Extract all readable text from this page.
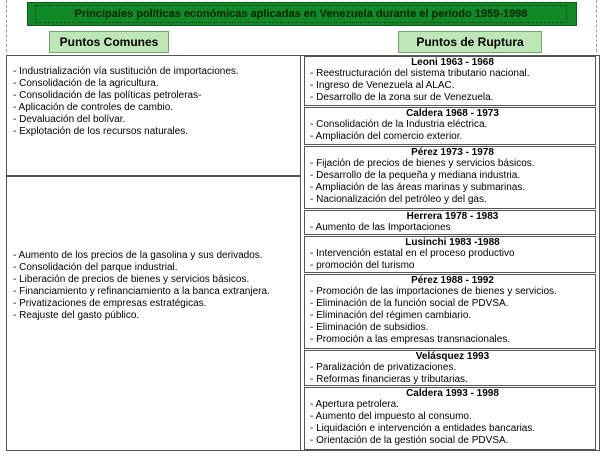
Principales políticas económicas aplicadas en Venezuela durante el período 1959-1998
Puntos Comunes	Puntos de Ruptura
- Industrialización vía sustitución de importaciones.
- Consolidación de la agricultura.
- Consolidación de las políticas petroleras-
- Aplicación de controles de cambio.
- Devaluación del bolívar.
- Explotación de los recursos naturales.
- Aumento de los precios de la gasolina y sus derivados.
- Consolidación del parque industrial.
- Liberación de precios de bienes y servicios básicos.
- Financiamiento y refinanciamiento a la banca extranjera.
- Privatizaciones de empresas estratégicas.
- Reajuste del gasto público.
Leoni 1963 - 1968
- Reestructuración del sistema tributario nacional.
- Ingreso de Venezuela al ALAC.
- Desarrollo de la zona sur de Venezuela.
Caldera 1968 - 1973
- Consolidación de la Industria eléctrica.
- Ampliación del comercio exterior.
Pérez 1973 - 1978
- Fijación de precios de bienes y servicios básicos.
- Desarrollo de la pequeña y mediana industria.
- Ampliación de las áreas marinas y submarinas.
- Nacionalización del petróleo y del gas.
Herrera 1978 - 1983
- Aumento de las Importaciones
Lusinchi 1983 -1988
- Intervención estatal en el proceso productivo
- promoción del turismo
Pérez 1988 - 1992
- Promoción de las importaciones de bienes y servicios.
- Eliminación de la función social de PDVSA.
- Eliminación del régimen cambiario.
- Eliminación de subsidios.
- Promoción a las empresas transnacionales.
Velásquez 1993
- Paralización de privatizaciones.
- Reformas financieras y tributarias.
Caldera 1993 - 1998
- Apertura petrolera.
- Aumento del impuesto al consumo.
- Liquidación e intervención a entidades bancarias.
- Orientación de la gestión social de PDVSA.
